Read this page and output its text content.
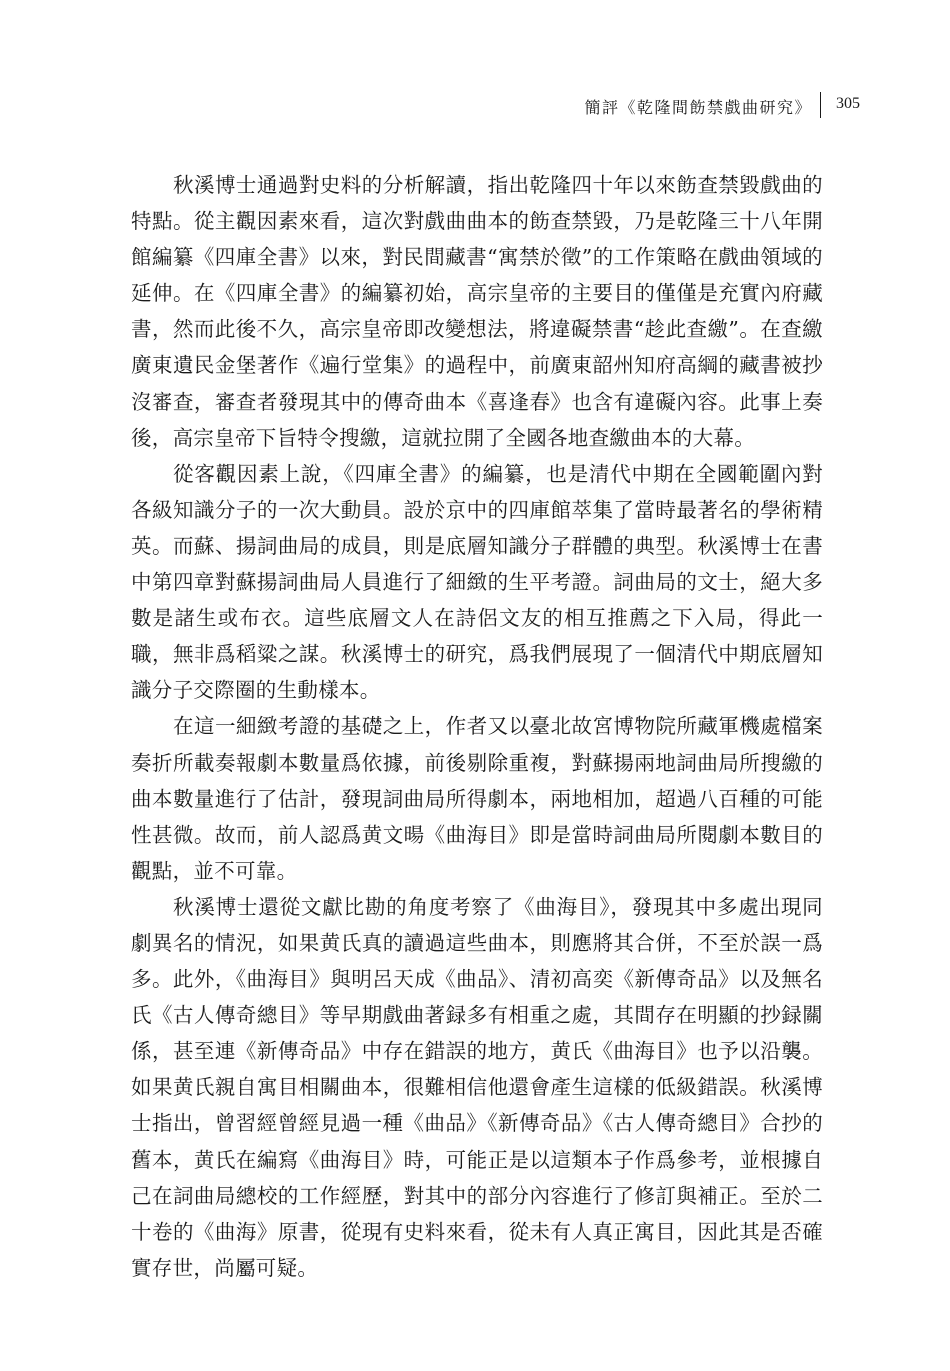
簡評《乾隆間飭禁戲曲研究》 305

秋溪博士通過對史料的分析解讀，指出乾隆四十年以來飭查禁毀戲曲的特點。從主觀因素來看，這次對戲曲曲本的飭查禁毀，乃是乾隆三十八年開館編纂《四庫全書》以來，對民間藏書“寓禁於徵”的工作策略在戲曲領域的延伸。在《四庫全書》的編纂初始，高宗皇帝的主要目的僅僅是充實內府藏書，然而此後不久，高宗皇帝即改變想法，將違礙禁書“趁此查繳”。在查繳廣東遺民金堡著作《遍行堂集》的過程中，前廣東韶州知府高綱的藏書被抄沒審查，審查者發現其中的傳奇曲本《喜逢春》也含有違礙內容。此事上奏後，高宗皇帝下旨特令搜繳，這就拉開了全國各地查繳曲本的大幕。

從客觀因素上說，《四庫全書》的編纂，也是清代中期在全國範圍內對各級知識分子的一次大動員。設於京中的四庫館萃集了當時最著名的學術精英。而蘇、揚詞曲局的成員，則是底層知識分子群體的典型。秋溪博士在書中第四章對蘇揚詞曲局人員進行了細緻的生平考證。詞曲局的文士，絕大多數是諸生或布衣。這些底層文人在詩侶文友的相互推薦之下入局，得此一職，無非爲稻粱之謀。秋溪博士的研究，爲我們展現了一個清代中期底層知識分子交際圈的生動樣本。

在這一細緻考證的基礎之上，作者又以臺北故宮博物院所藏軍機處檔案奏折所載奏報劇本數量爲依據，前後剔除重複，對蘇揚兩地詞曲局所搜繳的曲本數量進行了估計，發現詞曲局所得劇本，兩地相加，超過八百種的可能性甚微。故而，前人認爲黄文暘《曲海目》即是當時詞曲局所閱劇本數目的觀點，並不可靠。

秋溪博士還從文獻比勘的角度考察了《曲海目》，發現其中多處出現同劇異名的情況，如果黄氏真的讀過這些曲本，則應將其合併，不至於誤一爲多。此外，《曲海目》與明呂天成《曲品》、清初高奕《新傳奇品》以及無名氏《古人傳奇總目》等早期戲曲著録多有相重之處，其間存在明顯的抄録關係，甚至連《新傳奇品》中存在錯誤的地方，黄氏《曲海目》也予以沿襲。如果黄氏親自寓目相關曲本，很難相信他還會產生這樣的低級錯誤。秋溪博士指出，曾習經曾經見過一種《曲品》《新傳奇品》《古人傳奇總目》合抄的舊本，黄氏在編寫《曲海目》時，可能正是以這類本子作爲參考，並根據自己在詞曲局總校的工作經歷，對其中的部分內容進行了修訂與補正。至於二十卷的《曲海》原書，從現有史料來看，從未有人真正寓目，因此其是否確實存世，尚屬可疑。
